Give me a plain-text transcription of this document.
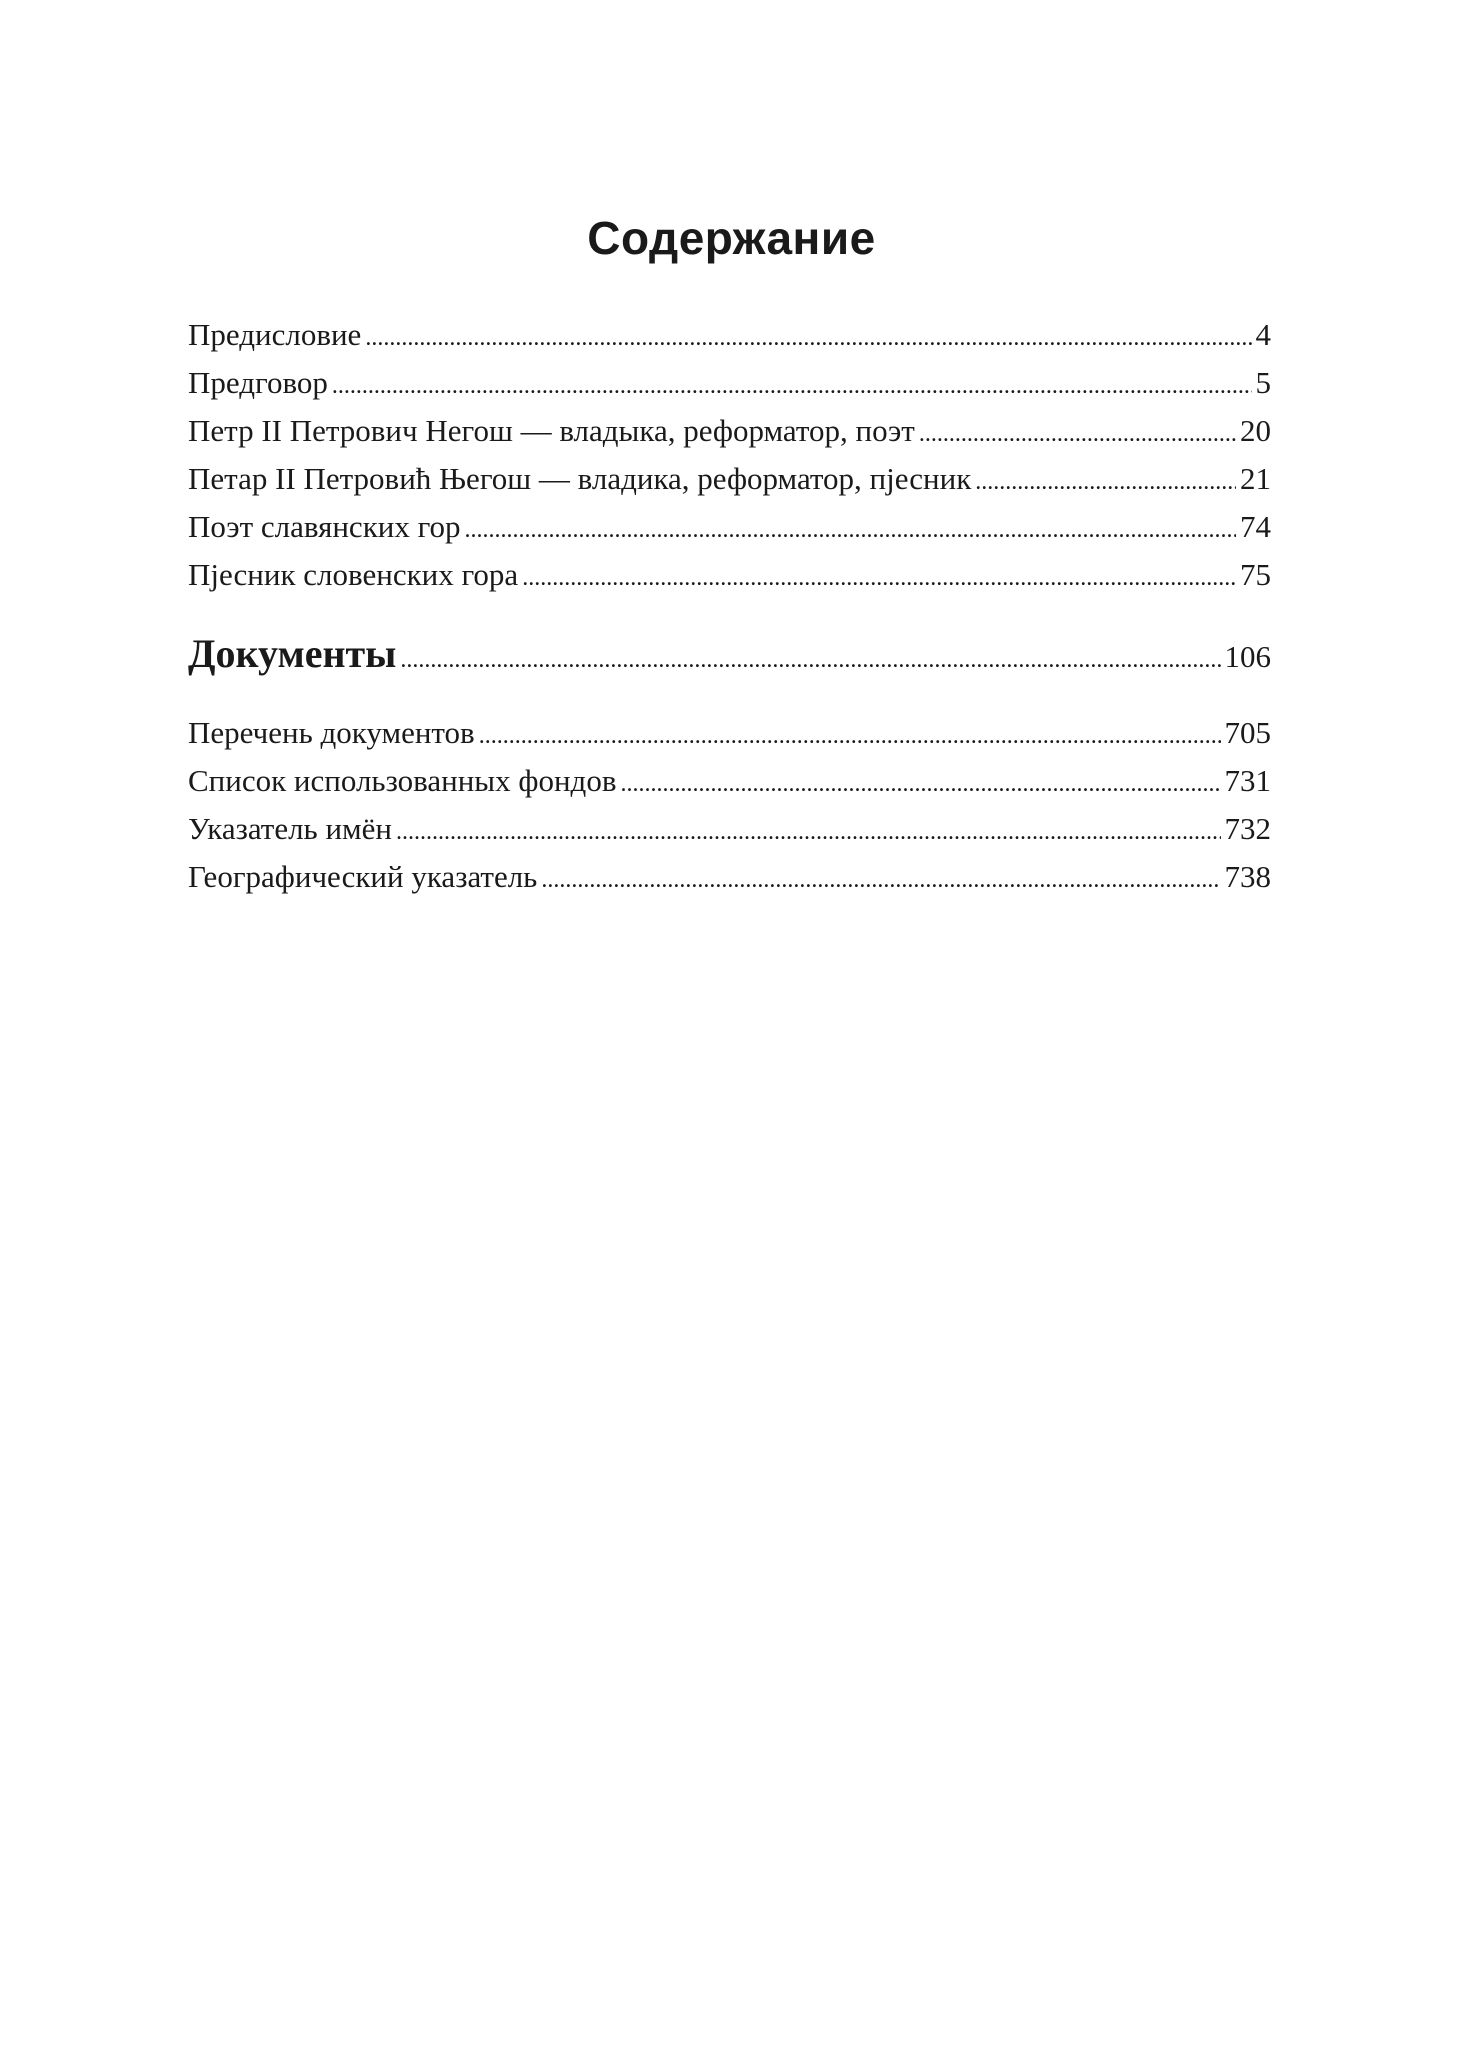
Содержание
Предисловие . . .	4
Предговор . . .	5
Петр II Петрович Негош — владыка, реформатор, поэт . . .	20
Петар II Петровић Његош — владика, реформатор, пјесник . . .	21
Поэт славянских гор . . .	74
Пјесник словенских гора . . .	75
Документы . . .	106
Перечень документов . . .	705
Список использованных фондов . . .	731
Указатель имён . . .	732
Географический указатель . . .	738
